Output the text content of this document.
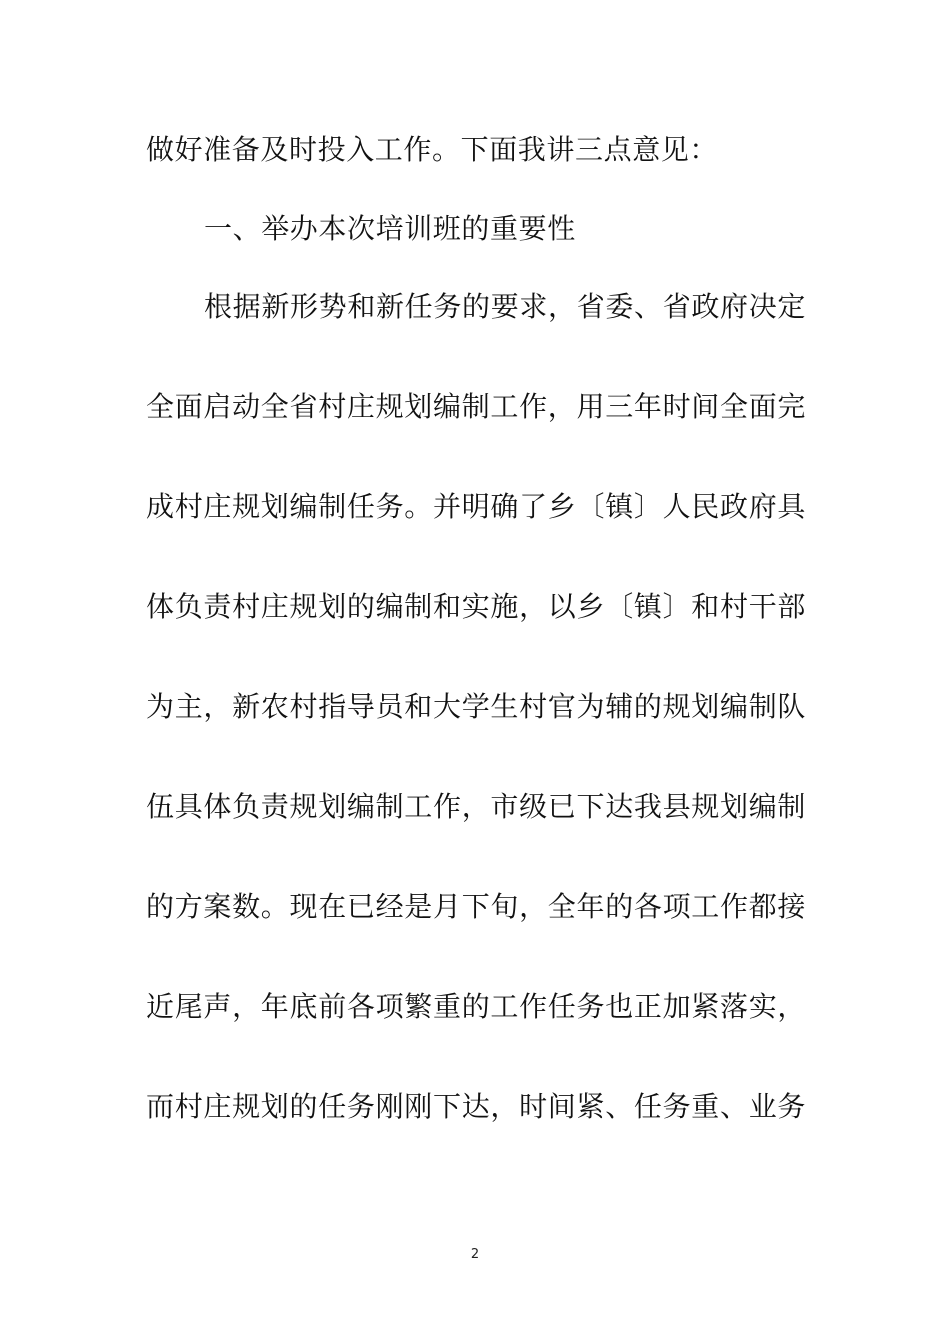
做好准备及时投入工作。下面我讲三点意见：
一、举办本次培训班的重要性
根据新形势和新任务的要求，省委、省政府决定
全面启动全省村庄规划编制工作，用三年时间全面完
成村庄规划编制任务。并明确了乡〔镇〕人民政府具
体负责村庄规划的编制和实施，以乡〔镇〕和村干部
为主，新农村指导员和大学生村官为辅的规划编制队
伍具体负责规划编制工作，市级已下达我县规划编制
的方案数。现在已经是月下旬，全年的各项工作都接
近尾声，年底前各项繁重的工作任务也正加紧落实，
而村庄规划的任务刚刚下达，时间紧、任务重、业务
2
